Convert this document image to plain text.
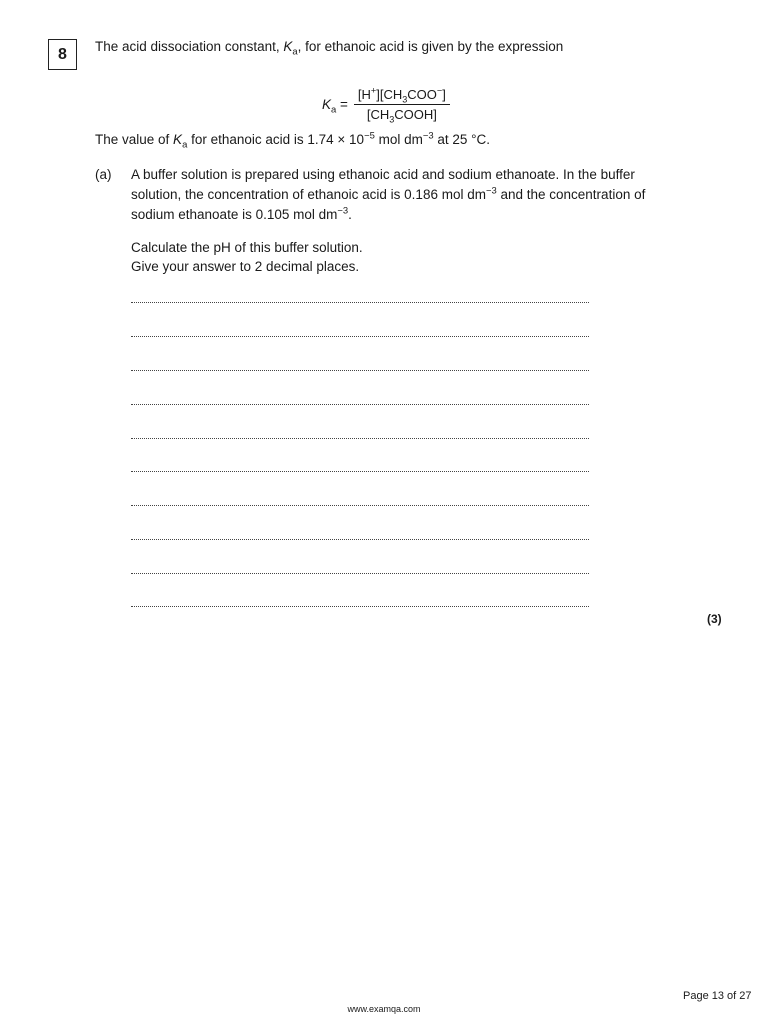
8 The acid dissociation constant, $K_a$, for ethanoic acid is given by the expression
$K_a = \frac{[H^+][CH_3COO^-]}{[CH_3COOH]}$
The value of $K_a$ for ethanoic acid is $1.74 \times 10^{-5}$ mol $dm^{-3}$ at 25 °C.
(a) A buffer solution is prepared using ethanoic acid and sodium ethanoate. In the buffer
solution, the concentration of ethanoic acid is 0.186 mol $dm^{-3}$ and the concentration of
sodium ethanoate is 0.105 mol $dm^{-3}$.
Calculate the pH of this buffer solution.
Give your answer to 2 decimal places.
(3)
Page 13 of 27
www.examqa.com
